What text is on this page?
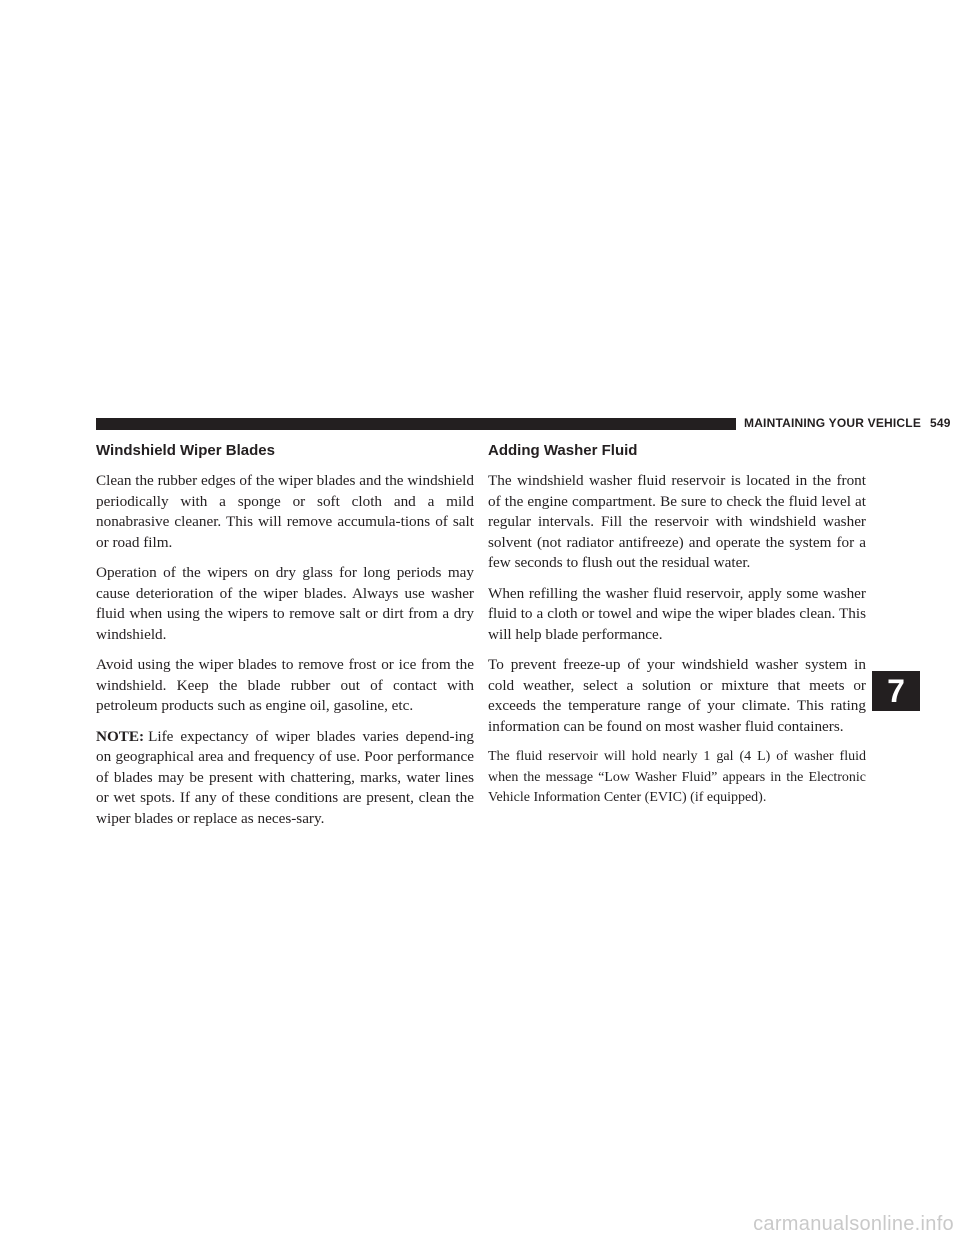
MAINTAINING YOUR VEHICLE 549
Windshield Wiper Blades

Clean the rubber edges of the wiper blades and the windshield periodically with a sponge or soft cloth and a mild nonabrasive cleaner. This will remove accumula-tions of salt or road film.

Operation of the wipers on dry glass for long periods may cause deterioration of the wiper blades. Always use washer fluid when using the wipers to remove salt or dirt from a dry windshield.

Avoid using the wiper blades to remove frost or ice from the windshield. Keep the blade rubber out of contact with petroleum products such as engine oil, gasoline, etc.

NOTE: Life expectancy of wiper blades varies depend-ing on geographical area and frequency of use. Poor performance of blades may be present with chattering, marks, water lines or wet spots. If any of these conditions are present, clean the wiper blades or replace as neces-sary.

Adding Washer Fluid

The windshield washer fluid reservoir is located in the front of the engine compartment. Be sure to check the fluid level at regular intervals. Fill the reservoir with windshield washer solvent (not radiator antifreeze) and operate the system for a few seconds to flush out the residual water.

When refilling the washer fluid reservoir, apply some washer fluid to a cloth or towel and wipe the wiper blades clean. This will help blade performance.

To prevent freeze-up of your windshield washer system in cold weather, select a solution or mixture that meets or exceeds the temperature range of your climate. This rating information can be found on most washer fluid containers.

The fluid reservoir will hold nearly 1 gal (4 L) of washer fluid when the message “Low Washer Fluid” appears in the Electronic Vehicle Information Center (EVIC) (if equipped).

7
carmanualsonline.info
